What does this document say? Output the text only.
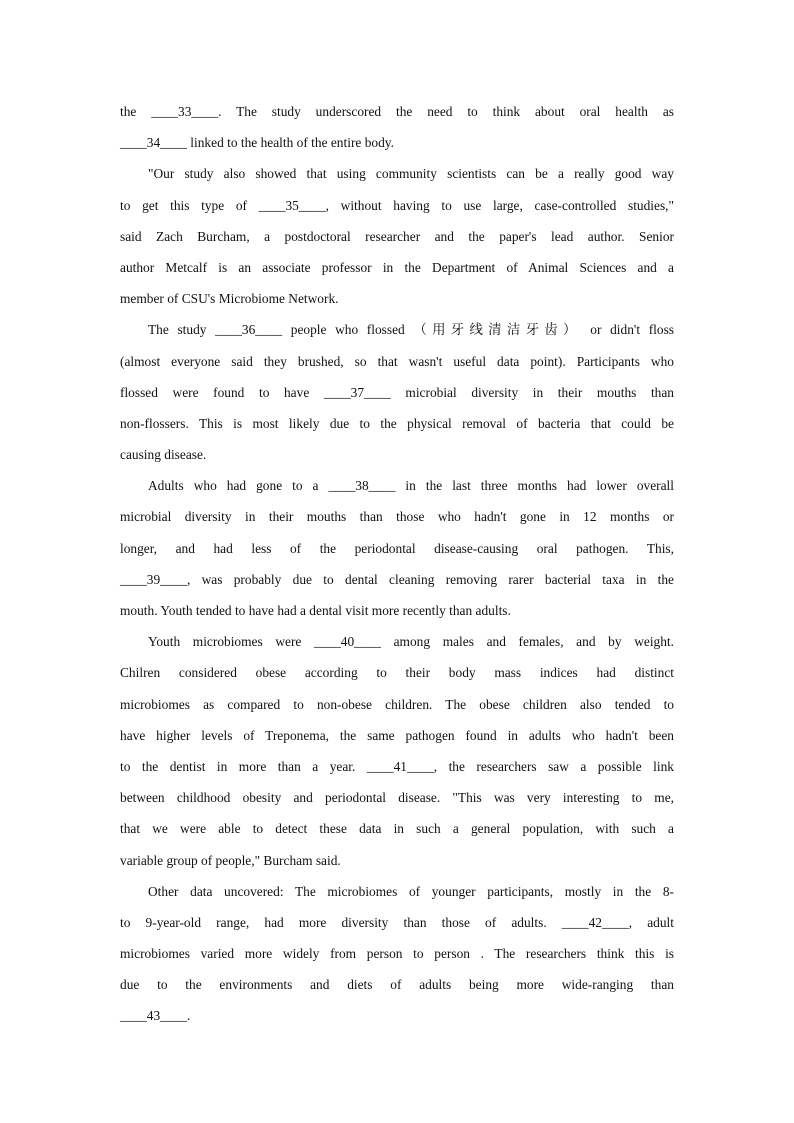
the ____33____. The study underscored the need to think about oral health as
____34____ linked to the health of the entire body.
"Our study also showed that using community scientists can be a really good way
to get this type of ____35____, without having to use large, case-controlled studies,"
said Zach Burcham, a postdoctoral researcher and the paper's lead author. Senior
author Metcalf is an associate professor in the Department of Animal Sciences and a
member of CSU's Microbiome Network.
The study ____36____ people who flossed （用牙线清洁牙齿） or didn't floss
(almost everyone said they brushed, so that wasn't useful data point). Participants who
flossed were found to have ____37____ microbial diversity in their mouths than
non-flossers. This is most likely due to the physical removal of bacteria that could be
causing disease.
Adults who had gone to a ____38____ in the last three months had lower overall
microbial diversity in their mouths than those who hadn't gone in 12 months or
longer, and had less of the periodontal disease-causing oral pathogen. This,
____39____, was probably due to dental cleaning removing rarer bacterial taxa in the
mouth. Youth tended to have had a dental visit more recently than adults.
Youth microbiomes were ____40____ among males and females, and by weight.
Chilren considered obese according to their body mass indices had distinct
microbiomes as compared to non-obese children. The obese children also tended to
have higher levels of Treponema, the same pathogen found in adults who hadn't been
to the dentist in more than a year. ____41____, the researchers saw a possible link
between childhood obesity and periodontal disease. "This was very interesting to me,
that we were able to detect these data in such a general population, with such a
variable group of people," Burcham said.
Other data uncovered: The microbiomes of younger participants, mostly in the 8-
to 9-year-old range, had more diversity than those of adults. ____42____, adult
microbiomes varied more widely from person to person . The researchers think this is
due to the environments and diets of adults being more wide-ranging than
____43____.
